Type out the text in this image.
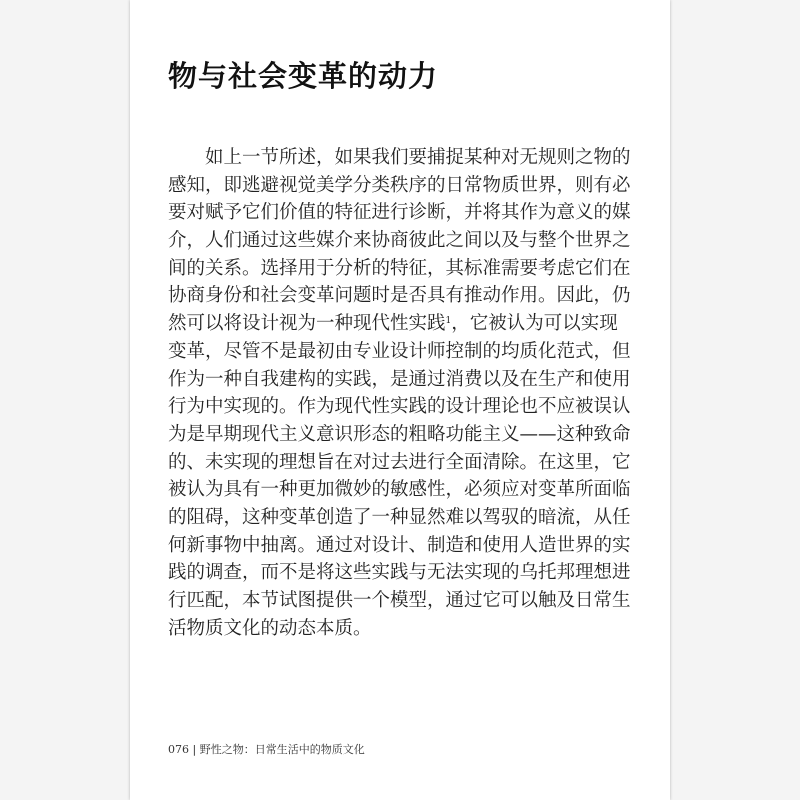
物与社会变革的动力
如上一节所述，如果我们要捕捉某种对无规则之物的
感知，即逃避视觉美学分类秩序的日常物质世界，则有必
要对赋予它们价值的特征进行诊断，并将其作为意义的媒
介，人们通过这些媒介来协商彼此之间以及与整个世界之
间的关系。选择用于分析的特征，其标准需要考虑它们在
协商身份和社会变革问题时是否具有推动作用。因此，仍
然可以将设计视为一种现代性实践$^1$，它被认为可以实现
变革，尽管不是最初由专业设计师控制的均质化范式，但
作为一种自我建构的实践，是通过消费以及在生产和使用
行为中实现的。作为现代性实践的设计理论也不应被误认
为是早期现代主义意识形态的粗略功能主义——这种致命
的、未实现的理想旨在对过去进行全面清除。在这里，它
被认为具有一种更加微妙的敏感性，必须应对变革所面临
的阻碍，这种变革创造了一种显然难以驾驭的暗流，从任
何新事物中抽离。通过对设计、制造和使用人造世界的实
践的调查，而不是将这些实践与无法实现的乌托邦理想进
行匹配，本节试图提供一个模型，通过它可以触及日常生
活物质文化的动态本质。
076 | 野性之物：日常生活中的物质文化
